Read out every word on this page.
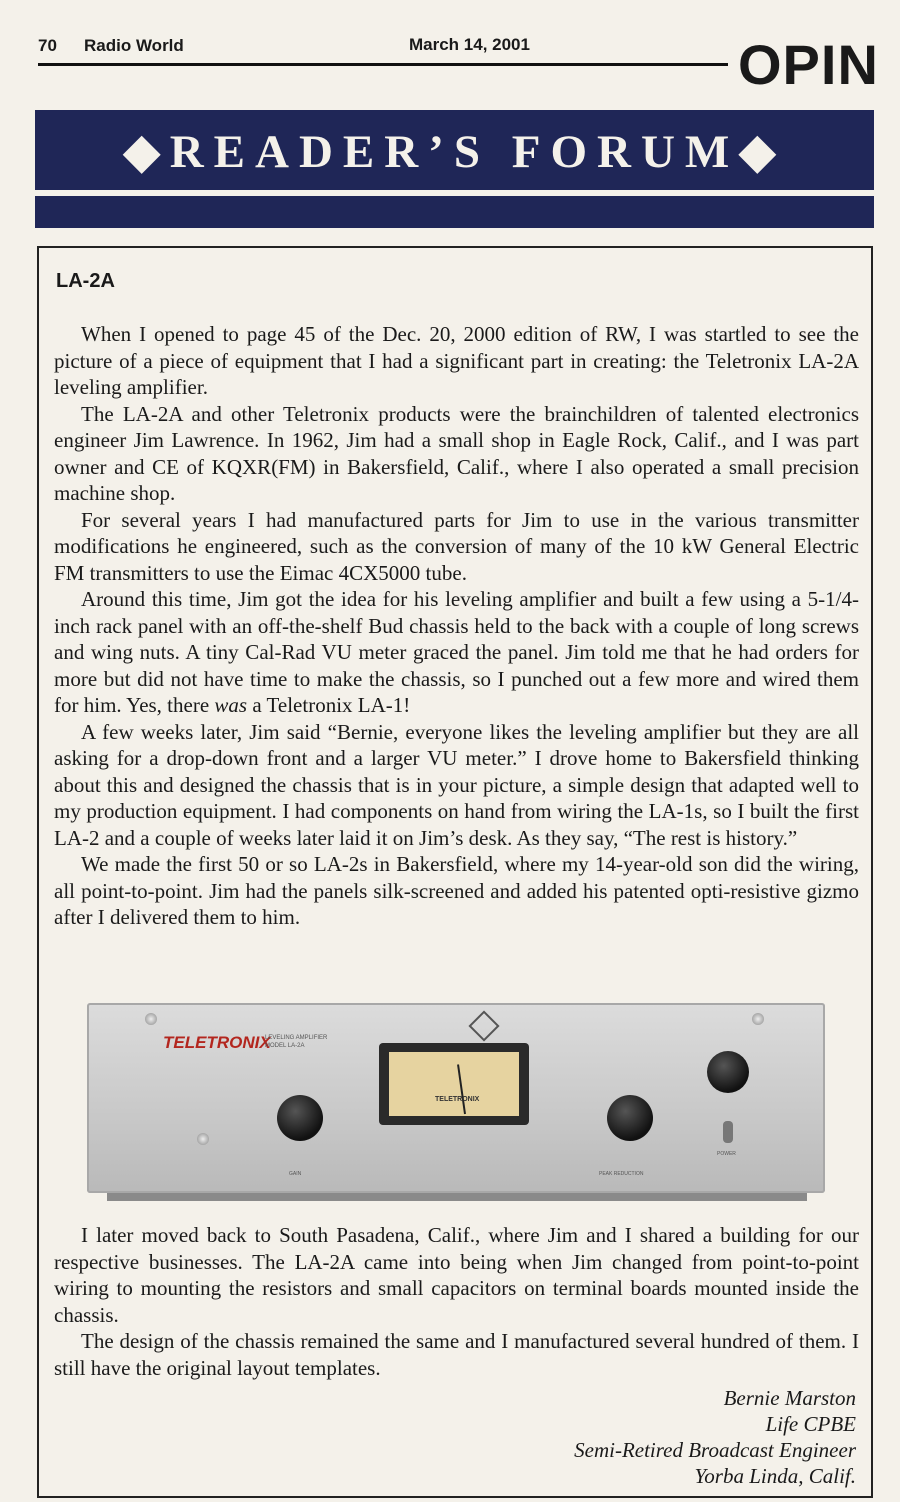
70 Radio World	March 14, 2001	OPIN
◆READER’S FORUM◆
LA-2A

When I opened to page 45 of the Dec. 20, 2000 edition of RW, I was startled to see the picture of a piece of equipment that I had a significant part in creating: the Teletronix LA-2A leveling amplifier.

The LA-2A and other Teletronix products were the brainchildren of talented electronics engineer Jim Lawrence. In 1962, Jim had a small shop in Eagle Rock, Calif., and I was part owner and CE of KQXR(FM) in Bakersfield, Calif., where I also operated a small precision machine shop.

For several years I had manufactured parts for Jim to use in the various transmitter modifications he engineered, such as the conversion of many of the 10 kW General Electric FM transmitters to use the Eimac 4CX5000 tube.

Around this time, Jim got the idea for his leveling amplifier and built a few using a 5-1/4-inch rack panel with an off-the-shelf Bud chassis held to the back with a couple of long screws and wing nuts. A tiny Cal-Rad VU meter graced the panel. Jim told me that he had orders for more but did not have time to make the chassis, so I punched out a few more and wired them for him. Yes, there was a Teletronix LA-1!

A few weeks later, Jim said “Bernie, everyone likes the leveling amplifier but they are all asking for a drop-down front and a larger VU meter.” I drove home to Bakersfield thinking about this and designed the chassis that is in your picture, a simple design that adapted well to my production equipment. I had components on hand from wiring the LA-1s, so I built the first LA-2 and a couple of weeks later laid it on Jim’s desk. As they say, “The rest is history.”

We made the first 50 or so LA-2s in Bakersfield, where my 14-year-old son did the wiring, all point-to-point. Jim had the panels silk-screened and added his patented opti-resistive gizmo after I delivered them to him.

TELETRONIX
LEVELING AMPLIFIER
MODEL LA-2A
GAIN
TELETRONIX
PEAK REDUCTION
POWER

I later moved back to South Pasadena, Calif., where Jim and I shared a building for our respective businesses. The LA-2A came into being when Jim changed from point-to-point wiring to mounting the resistors and small capacitors on terminal boards mounted inside the chassis.

The design of the chassis remained the same and I manufactured several hundred of them. I still have the original layout templates.

Bernie Marston
Life CPBE
Semi-Retired Broadcast Engineer
Yorba Linda, Calif.
